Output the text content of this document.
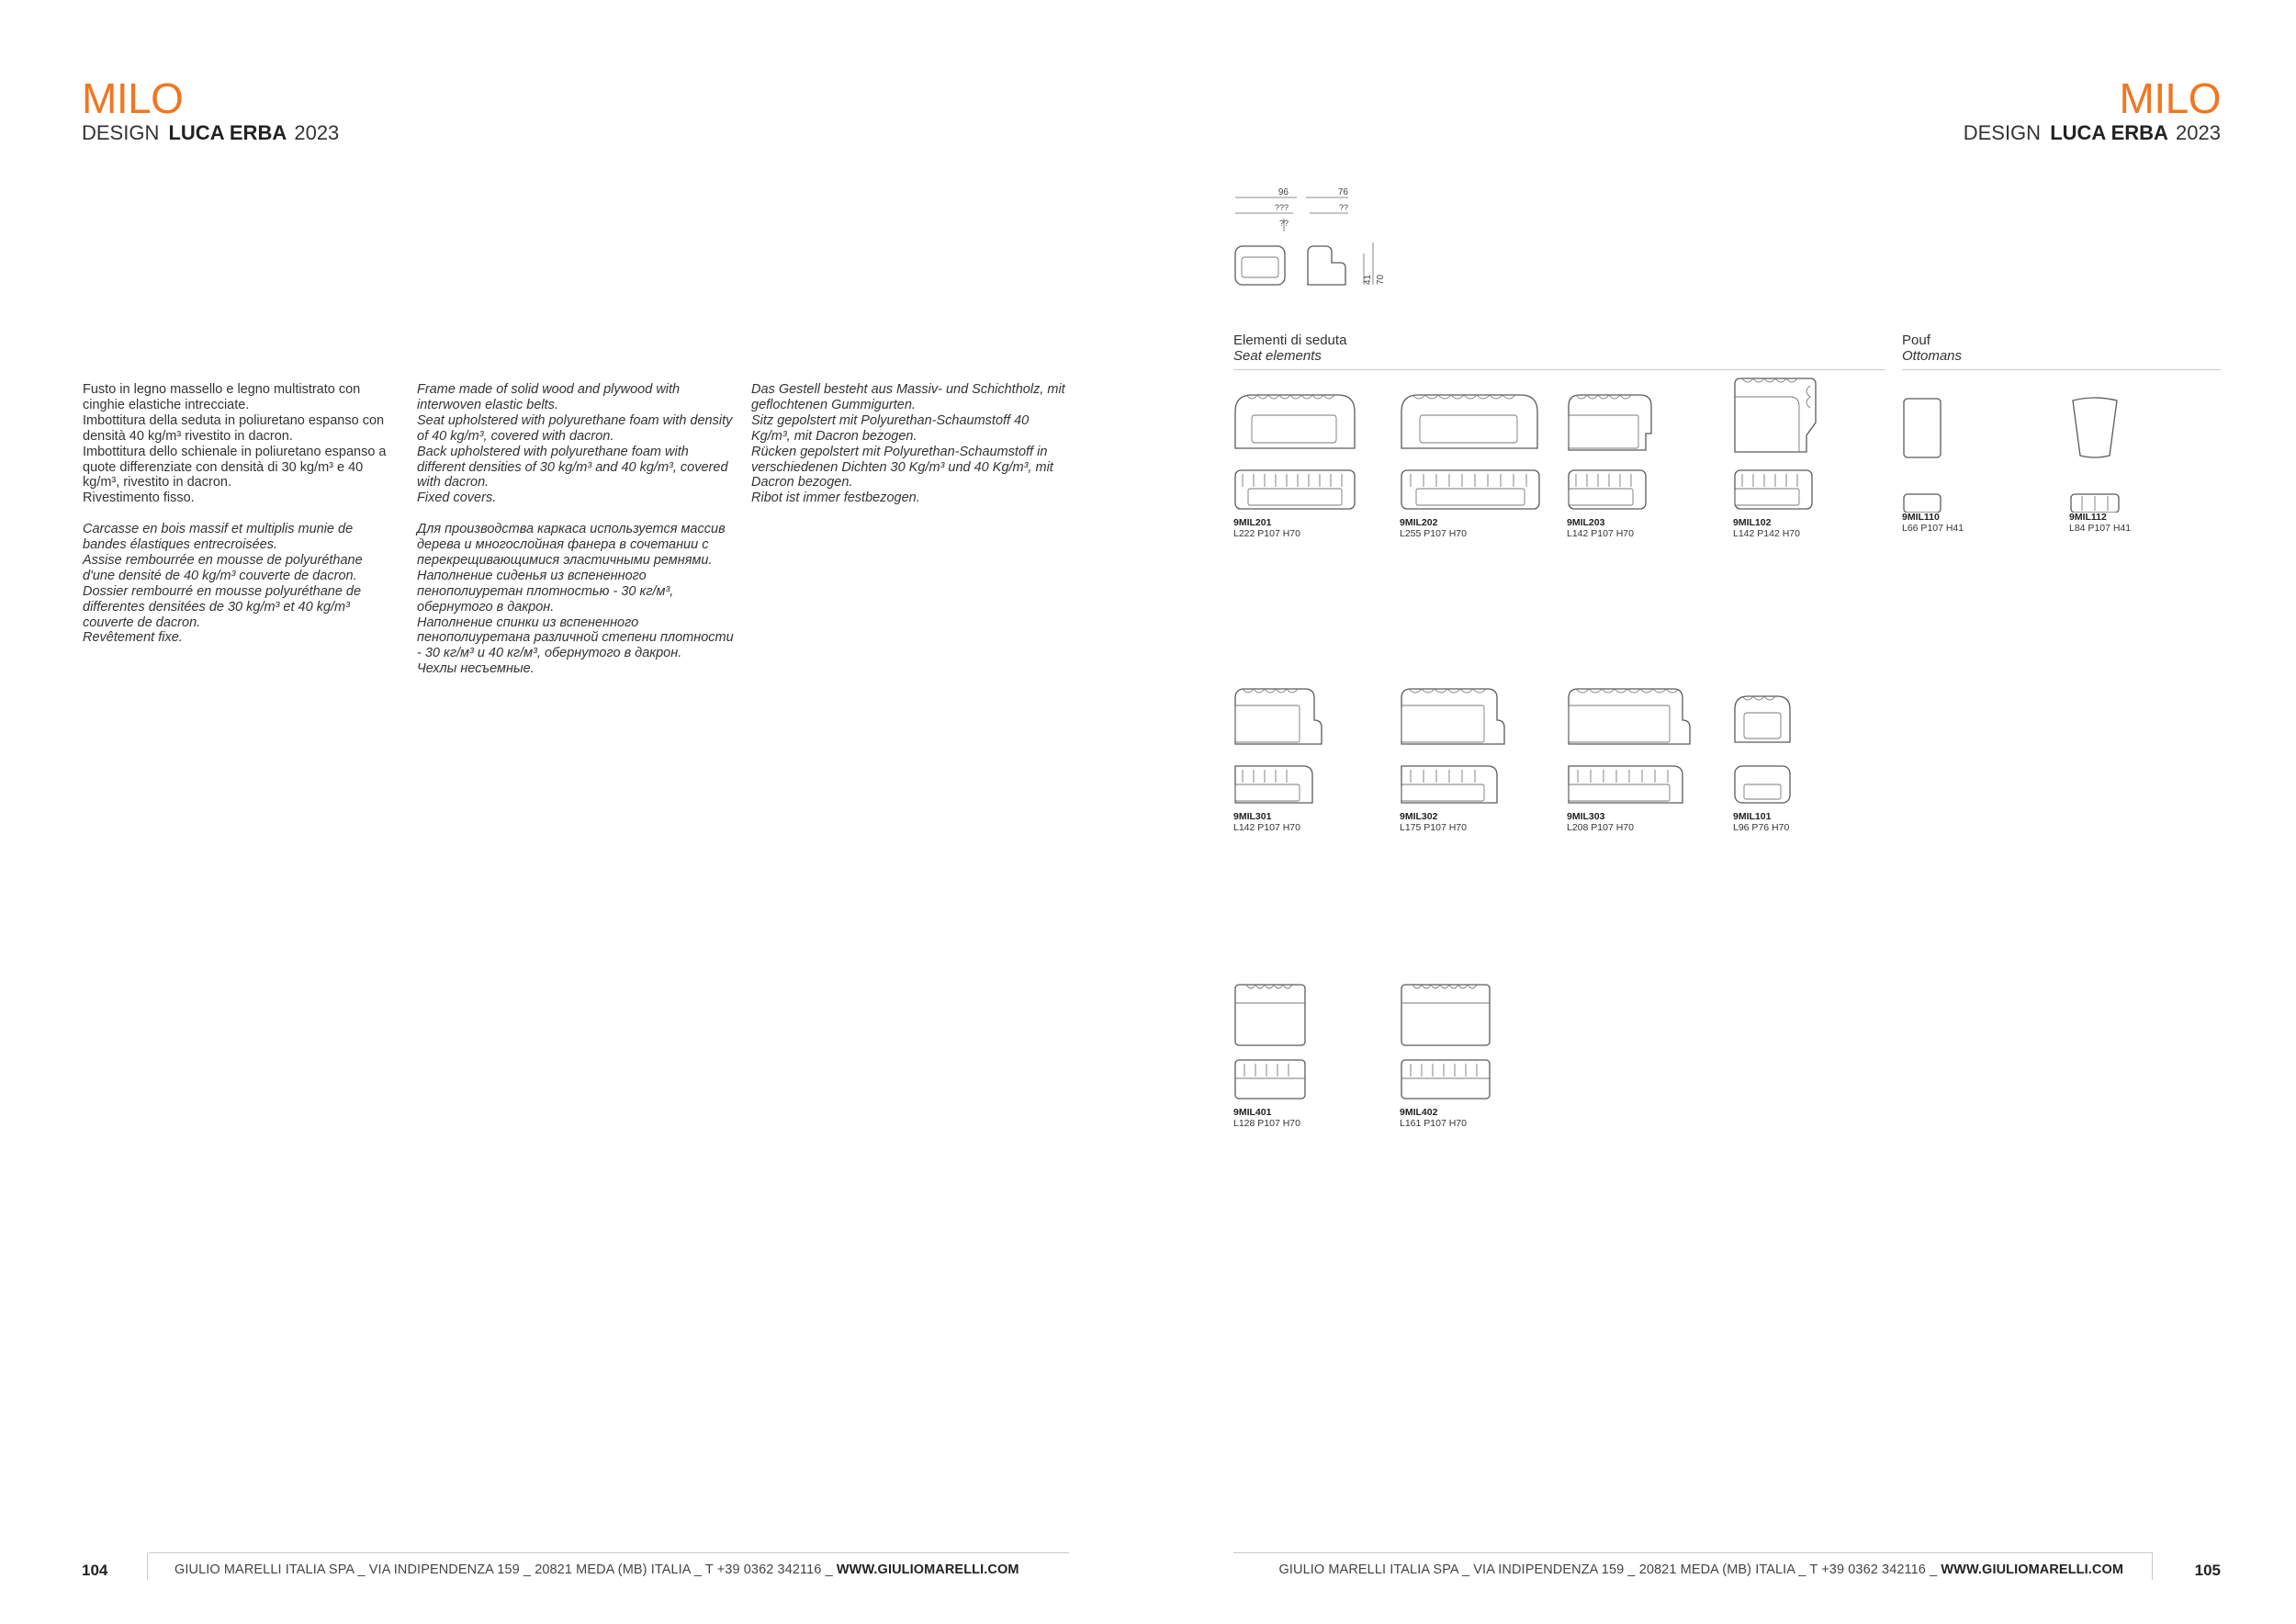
MILO
DESIGN LUCA ERBA 2023

Fusto in legno massello e legno multistrato con cinghie elastiche intrecciate.

Imbottitura della seduta in poliuretano espanso con densità 40 kg/m³ rivestito in dacron.

Imbottitura dello schienale in poliuretano espanso a quote differenziate con densità di 30 kg/m³ e 40 kg/m³, rivestito in dacron.

Rivestimento fisso.

Carcasse en bois massif et multiplis munie de bandes élastiques entrecroisées.

Assise rembourrée en mousse de polyuréthane d'une densité de 40 kg/m³ couverte de dacron.

Dossier rembourré en mousse polyuréthane de differentes densitées de 30 kg/m³ et 40 kg/m³ couverte de dacron.

Revêtement fixe.

Frame made of solid wood and plywood with interwoven elastic belts.

Seat upholstered with polyurethane foam with density of 40 kg/m³, covered with dacron.

Back upholstered with polyurethane foam with different densities of 30 kg/m³ and 40 kg/m³, covered with dacron.

Fixed covers.

Для производства каркаса используется массив дерева и многослойная фанера в сочетании с перекрещивающимися эластичными ремнями. Наполнение сиденья из вспененного пенополиуретан плотностью - 30 кг/м³, обернутого в дакрон.

Наполнение спинки из вспененного пенополиуретана различной степени плотности - 30 кг/м³ и 40 кг/м³, обернутого в дакрон.

Чехлы несъемные.

Das Gestell besteht aus Massiv- und Schichtholz, mit geflochtenen Gummigurten.

Sitz gepolstert mit Polyurethan-Schaumstoff 40 Kg/m³, mit Dacron bezogen.

Rücken gepolstert mit Polyurethan-Schaumstoff in verschiedenen Dichten 30 Kg/m³ und 40 Kg/m³, mit Dacron bezogen.

Ribot ist immer festbezogen.

104	GIULIO MARELLI ITALIA SPA _ VIA INDIPENDENZA 159 _ 20821 MEDA (MB) ITALIA _ T +39 0362 342116 _ WWW.GIULIOMARELLI.COM
MILO
DESIGN LUCA ERBA 2023
96
???
??
76
??
41 70
Elementi di seduta
Seat elements
Pouf
Ottomans
9MIL201
L222 P107 H70
9MIL202
L255 P107 H70
9MIL203
L142 P107 H70
9MIL102
L142 P142 H70
9MIL110
L66 P107 H41
9MIL112
L84 P107 H41
9MIL301
L142 P107 H70
9MIL302
L175 P107 H70
9MIL303
L208 P107 H70
9MIL101
L96 P76 H70
9MIL401
L128 P107 H70
9MIL402
L161 P107 H70
GIULIO MARELLI ITALIA SPA _ VIA INDIPENDENZA 159 _ 20821 MEDA (MB) ITALIA _ T +39 0362 342116 _ WWW.GIULIOMARELLI.COM	105
